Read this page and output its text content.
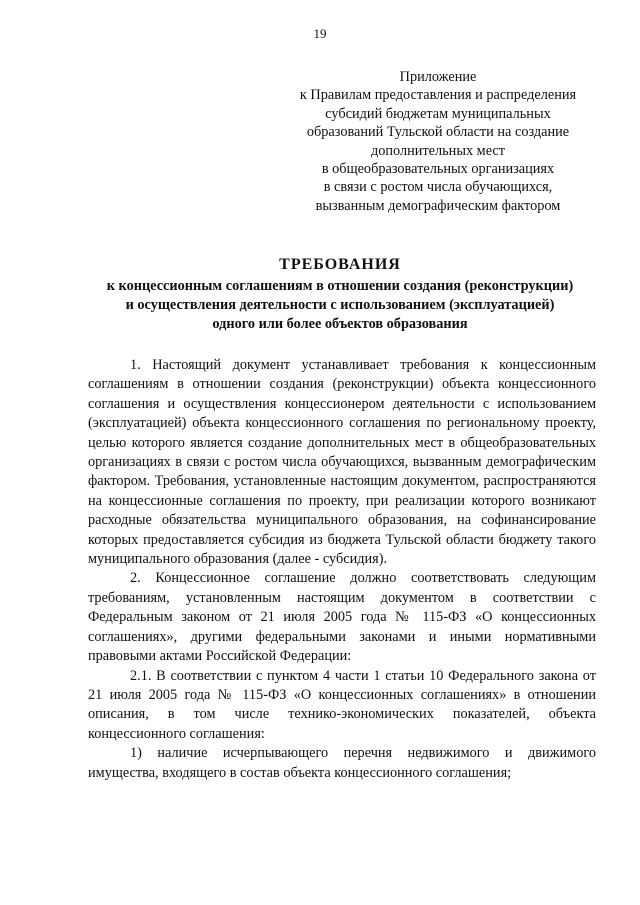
19
Приложение
к Правилам предоставления и распределения
субсидий бюджетам муниципальных
образований Тульской области на создание
дополнительных мест
в общеобразовательных организациях
в связи с ростом числа обучающихся,
вызванным демографическим фактором
ТРЕБОВАНИЯ
к концессионным соглашениям в отношении создания (реконструкции)
и осуществления деятельности с использованием (эксплуатацией)
одного или более объектов образования

1. Настоящий документ устанавливает требования к концессионным соглашениям в отношении создания (реконструкции) объекта концессионного соглашения и осуществления концессионером деятельности с использованием (эксплуатацией) объекта концессионного соглашения по региональному проекту, целью которого является создание дополнительных мест в общеобразовательных организациях в связи с ростом числа обучающихся, вызванным демографическим фактором. Требования, установленные настоящим документом, распространяются на концессионные соглашения по проекту, при реализации которого возникают расходные обязательства муниципального образования, на софинансирование которых предоставляется субсидия из бюджета Тульской области бюджету такого муниципального образования (далее - субсидия).

2. Концессионное соглашение должно соответствовать следующим требованиям, установленным настоящим документом в соответствии с Федеральным законом от 21 июля 2005 года № 115-ФЗ «О концессионных соглашениях», другими федеральными законами и иными нормативными правовыми актами Российской Федерации:

2.1. В соответствии с пунктом 4 части 1 статьи 10 Федерального закона от 21 июля 2005 года № 115-ФЗ «О концессионных соглашениях» в отношении описания, в том числе технико-экономических показателей, объекта концессионного соглашения:

1) наличие исчерпывающего перечня недвижимого и движимого имущества, входящего в состав объекта концессионного соглашения;
